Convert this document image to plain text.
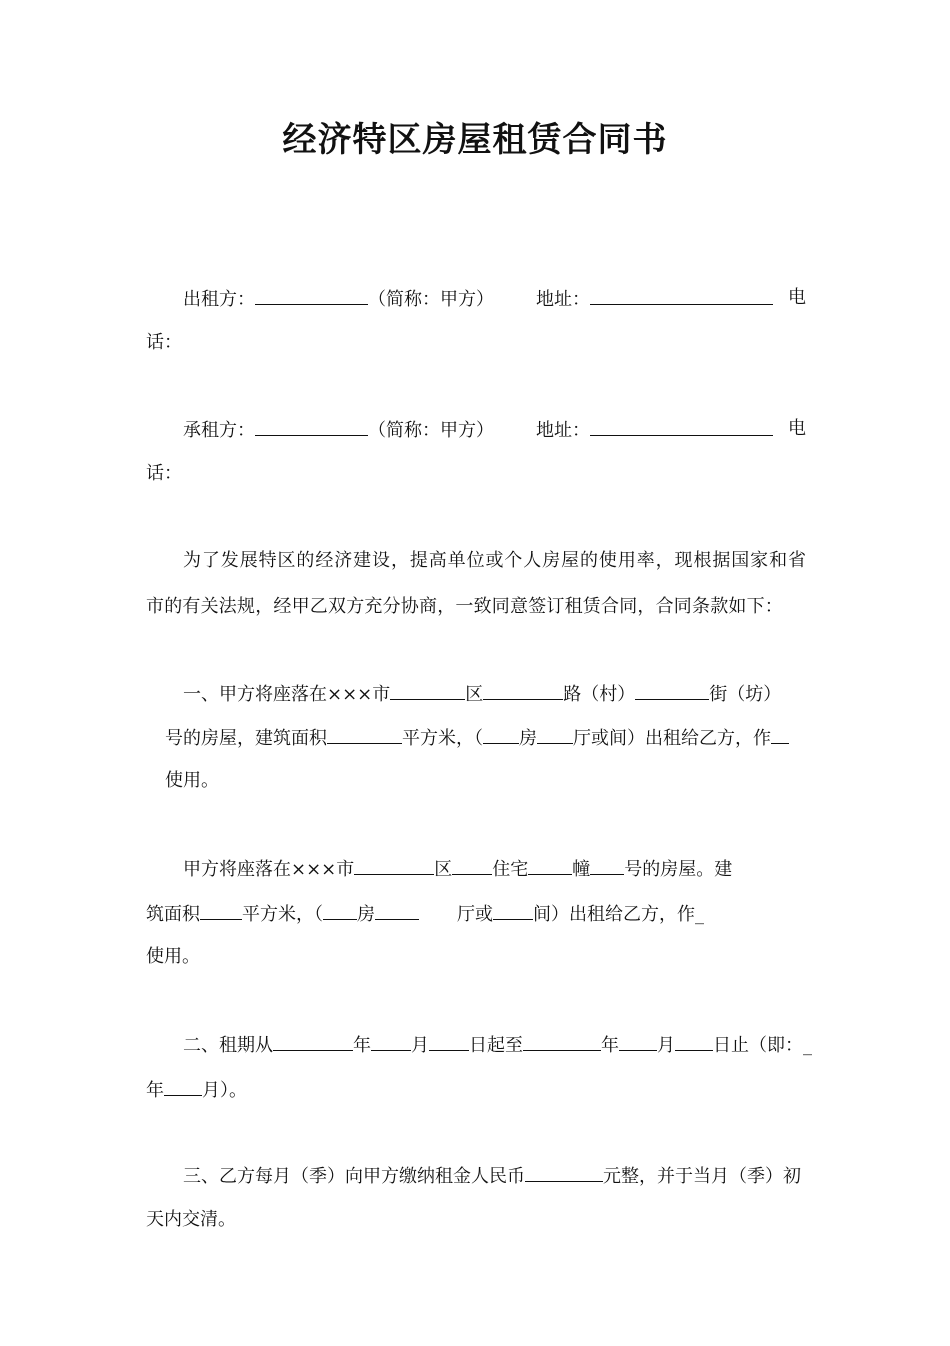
经济特区房屋租赁合同书
出租方：	（简称：甲方） 地址：	电
话：
承租方：	（简称：甲方） 地址：	电
话：
为了发展特区的经济建设，提高单位或个人房屋的使用率，现根据国家和省
市的有关法规，经甲乙双方充分协商，一致同意签订租赁合同，合同条款如下：
一、甲方将座落在×××市	区	路（村）	街（坊）
号的房屋，建筑面积	平方米，（ 房 厅或间）出租给乙方，作
使用。
甲方将座落在×××市	区 住宅 幢 号的房屋。建
筑面积 平方米，（ 房	厅或 间）出租给乙方，作_
使用。
二、租期从	年 月 日起至	年 月 日止（即：_
年 月）。
三、乙方每月（季）向甲方缴纳租金人民币	元整，并于当月（季）初
天内交清。
